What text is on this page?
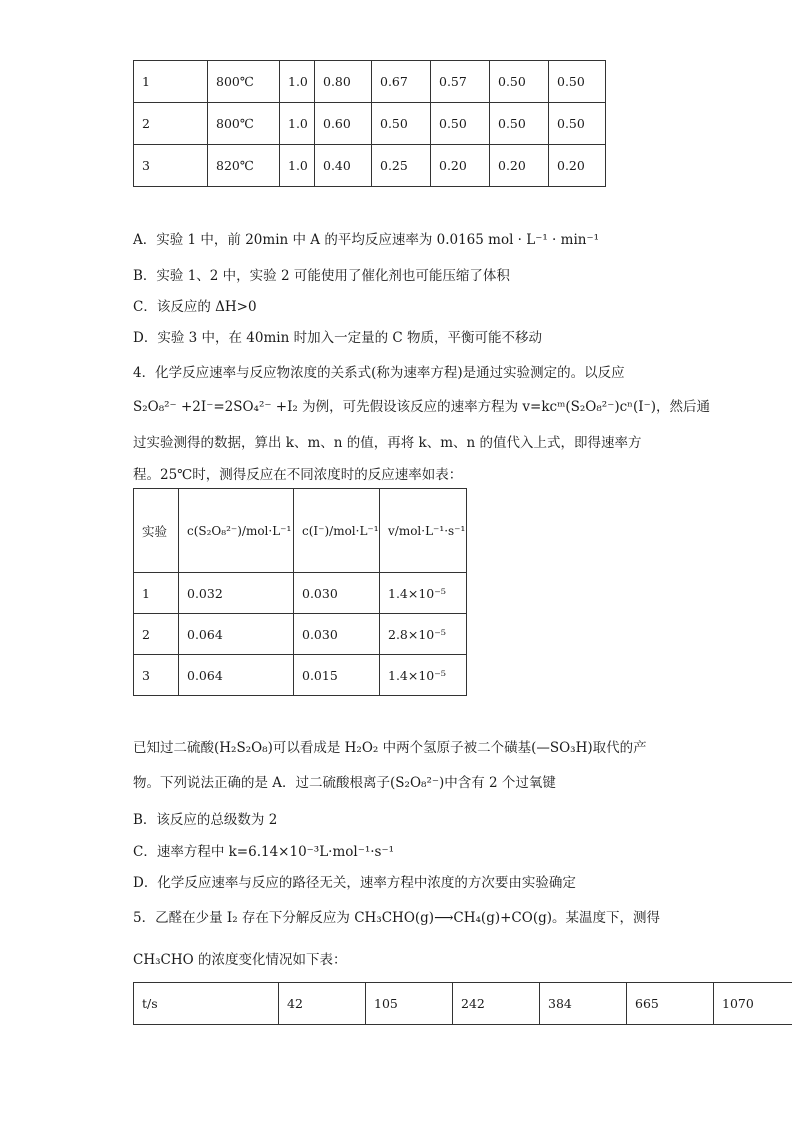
1	800℃	1.0	0.80	0.67	0.57	0.50	0.50
2	800℃	1.0	0.60	0.50	0.50	0.50	0.50
3	820℃	1.0	0.40	0.25	0.20	0.20	0.20
A．实验 1 中，前 20min 中 A 的平均反应速率为 0.0165 mol · L⁻¹ · min⁻¹
B．实验 1、2 中，实验 2 可能使用了催化剂也可能压缩了体积
C．该反应的 ΔH>0
D．实验 3 中，在 40min 时加入一定量的 C 物质，平衡可能不移动
4．化学反应速率与反应物浓度的关系式(称为速率方程)是通过实验测定的。以反应
S₂O₈²⁻ +2I⁻=2SO₄²⁻ +I₂ 为例，可先假设该反应的速率方程为 v=kcᵐ(S₂O₈²⁻)cⁿ(I⁻)，然后通
过实验测得的数据，算出 k、m、n 的值，再将 k、m、n 的值代入上式，即得速率方
程。25℃时，测得反应在不同浓度时的反应速率如表：
实验	c(S₂O₈²⁻)/mol·L⁻¹	c(I⁻)/mol·L⁻¹	v/mol·L⁻¹·s⁻¹
1	0.032	0.030	1.4×10⁻⁵
2	0.064	0.030	2.8×10⁻⁵
3	0.064	0.015	1.4×10⁻⁵
已知过二硫酸(H₂S₂O₈)可以看成是 H₂O₂ 中两个氢原子被二个磺基(—SO₃H)取代的产
物。下列说法正确的是 A．过二硫酸根离子(S₂O₈²⁻)中含有 2 个过氧键
B．该反应的总级数为 2
C．速率方程中 k=6.14×10⁻³L·mol⁻¹·s⁻¹
D．化学反应速率与反应的路径无关，速率方程中浓度的方次要由实验确定
5．乙醛在少量 I₂ 存在下分解反应为 CH₃CHO(g)⟶CH₄(g)+CO(g)。某温度下，测得
CH₃CHO 的浓度变化情况如下表：
t/s	42	105	242	384	665	1070
